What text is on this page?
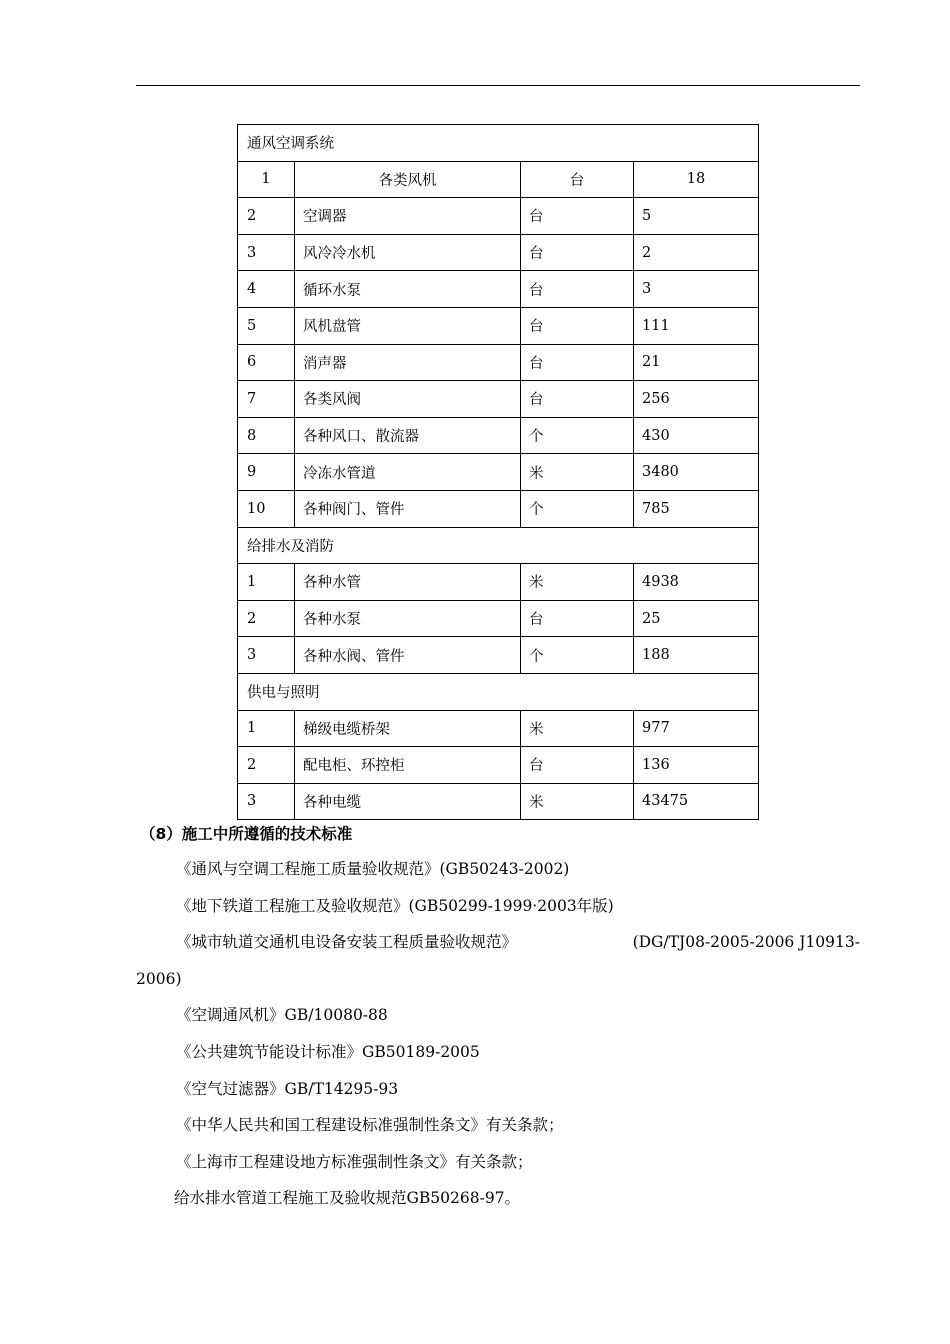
通风空调系统			
1	各类风机	台	18
2	空调器	台	5
3	风冷冷水机	台	2
4	循环水泵	台	3
5	风机盘管	台	111
6	消声器	台	21
7	各类风阀	台	256
8	各种风口、散流器	个	430
9	冷冻水管道	米	3480
10	各种阀门、管件	个	785
给排水及消防			
1	各种水管	米	4938
2	各种水泵	台	25
3	各种水阀、管件	个	188
供电与照明			
1	梯级电缆桥架	米	977
2	配电柜、环控柜	台	136
3	各种电缆	米	43475
（8）施工中所遵循的技术标准
《通风与空调工程施工质量验收规范》(GB50243-2002)
《地下铁道工程施工及验收规范》(GB50299-1999·2003年版)
《城市轨道交通机电设备安装工程质量验收规范》	(DG/TJ08-2005-2006 J10913-
2006)
《空调通风机》GB/10080-88
《公共建筑节能设计标准》GB50189-2005
《空气过滤器》GB/T14295-93
《中华人民共和国工程建设标准强制性条文》有关条款；
《上海市工程建设地方标准强制性条文》有关条款；
给水排水管道工程施工及验收规范GB50268-97。
